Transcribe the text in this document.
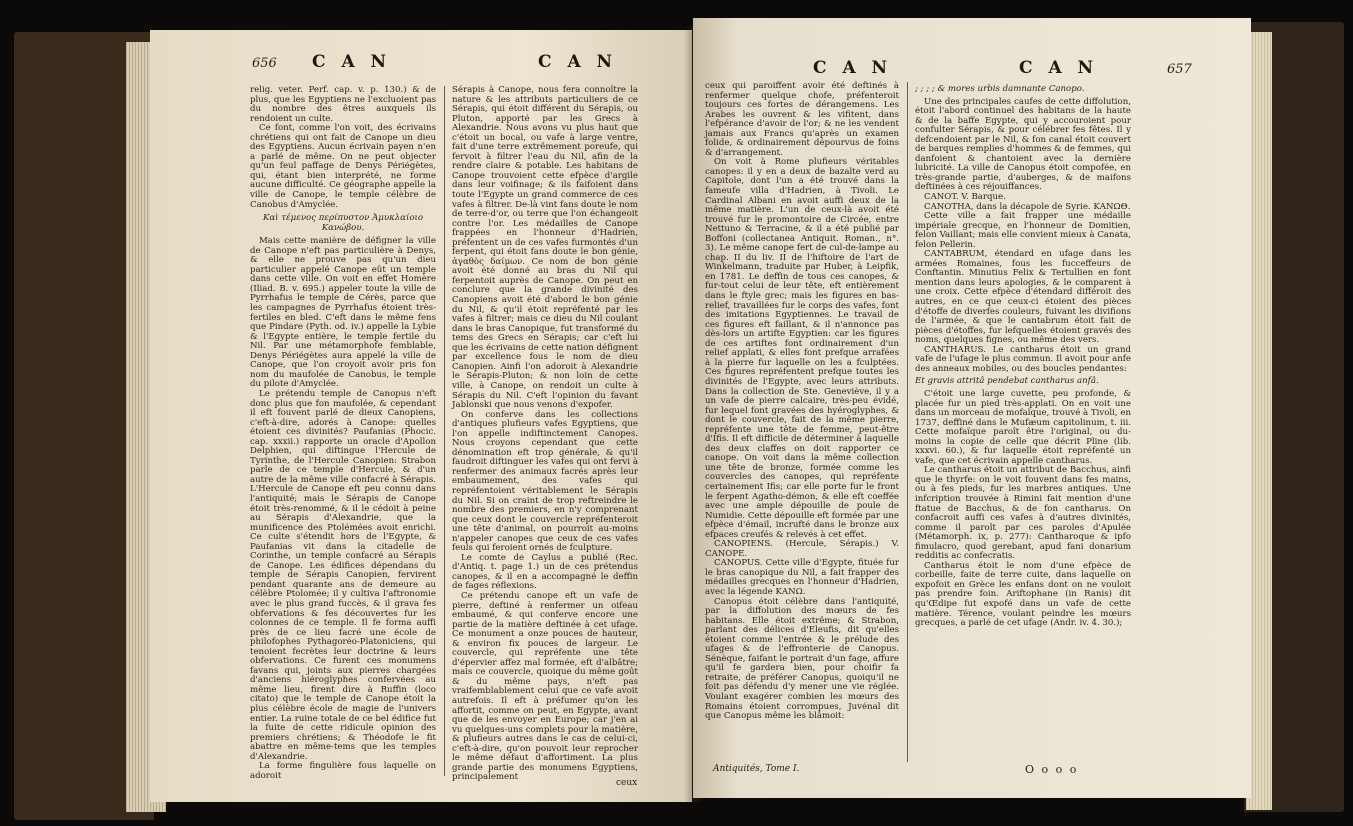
656 C A N	C A N

relig. veter. Perf. cap. v. p. 130.) & de plus, que les Egyptiens ne l'excluoient pas du nombre des êtres auxquels ils rendoient un culte.

Ce font, comme l'on voit, des écrivains chrétiens qui ont fait de Canope un dieu des Egyptiens. Aucun écrivain payen n'en a parlé de même. On ne peut objecter qu'un feul paffage de Denys Périégètes, qui, étant bien interprété, ne forme aucune difficulté. Ce géographe appelle la ville de Canope, le temple célèbre de Canobus d'Amyclée.

Καὶ τέμενος περίπυστον Ἀμυκλαίοιο Κανώβου.

Mais cette manière de défigner la ville de Canope n'eft pas particulière à Denys, & elle ne prouve pas qu'un dieu particulier appelé Canope eût un temple dans cette ville. On voit en effet Homère (Iliad. B. v. 695.) appeler toute la ville de Pyrrhafus le temple de Cérès, parce que les campagnes de Pyrrhafus étoient très-fertiles en bled. C'eft dans le même fens que Pindare (Pyth. od. iv.) appelle la Lybie & l'Egypte entière, le temple fertile du Nil. Par une métamorphofe femblable, Denys Périégètes aura appelé la ville de Canope, que l'on croyoit avoir pris fon nom du maufolée de Canobus, le temple du pilote d'Amyclée.

Le prétendu temple de Canopus n'eft donc plus que fon maufolée, & cependant il eft fouvent parlé de dieux Canopiens, c'eft-à-dire, adorés à Canope: quelles étoient ces divinités? Paufanias (Phocic. cap. xxxii.) rapporte un oracle d'Apollon Delphien, qui diftingue l'Hercule de Tyrinthe, de l'Hercule Canopien: Strabon parle de ce temple d'Hercule, & d'un autre de la même ville confacré à Sérapis. L'Hercule de Canope eft peu connu dans l'antiquité; mais le Sérapis de Canope étoit très-renommé, & il le cédoit à peine au Sérapis d'Alexandrie, que la munificence des Ptolémées avoit enrichi. Ce culte s'étendit hors de l'Egypte, & Paufanias vit dans la citadelle de Corinthe, un temple confacré au Sérapis de Canope. Les édifices dépendans du temple de Sérapis Canopien, fervirent pendant quarante ans de demeure au célèbre Ptolomée; il y cultiva l'aftronomie avec le plus grand fuccès, & il grava fes obfervations & fes découvertes fur les colonnes de ce temple. Il fe forma auffi près de ce lieu facré une école de philofophes Pythagoréo-Platoniciens, qui tenoient fecrètes leur doctrine & leurs obfervations. Ce furent ces monumens favans qui, joints aux pierres chargées d'anciens hiéroglyphes confervées au même lieu, firent dire à Ruffin (loco citato) que le temple de Canope étoit la plus célèbre école de magie de l'univers entier. La ruine totale de ce bel édifice fut la fuite de cette ridicule opinion des premiers chrétiens; & Théodofe le fit abattre en même-tems que les temples d'Alexandrie.

La forme fingulière fous laquelle on adoroit

Sérapis à Canope, nous fera connoître la nature & les attributs particuliers de ce Sérapis, qui étoit différent du Sérapis, ou Pluton, apporté par les Grecs à Alexandrie. Nous avons vu plus haut que c'étoit un bocal, ou vafe à large ventre, fait d'une terre extrêmement poreufe, qui fervoit à filtrer l'eau du Nil, afin de la rendre claire & potable. Les habitans de Canope trouvoient cette efpèce d'argile dans leur voifinage; & ils faifoient dans toute l'Egypte un grand commerce de ces vafes à filtrer. De-là vint fans doute le nom de terre-d'or, ou terre que l'on échangeoit contre l'or. Les médailles de Canope frappées en l'honneur d'Hadrien, préfentent un de ces vafes furmontés d'un ferpent, qui étoit fans doute le bon génie, ἀγαθὸς δαίμων. Ce nom de bon génie avoit été donné au bras du Nil qui ferpentoit auprès de Canope. On peut en conclure que la grande divinité des Canopiens avoit été d'abord le bon génie du Nil, & qu'il étoit repréfenté par les vafes à filtrer; mais ce dieu du Nil coulant dans le bras Canopique, fut transformé du tems des Grecs en Sérapis; car c'eft lui que les écrivains de cette nation défignent par excellence fous le nom de dieu Canopien. Ainfi l'on adoroit à Alexandrie le Sérapis-Pluton; & non loin de cette ville, à Canope, on rendoit un culte à Sérapis du Nil. C'eft l'opinion du favant Jablonski que nous venons d'expofer.

On conferve dans les collections d'antiques plufieurs vafes Egyptiens, que l'on appelle indiftinctement Canopes. Nous croyons cependant que cette dénomination eft trop générale, & qu'il faudroit diftinguer les vafes qui ont fervi à renfermer des animaux facrés après leur embaumement, des vafes qui repréfentoient véritablement le Sérapis du Nil. Si on craint de trop reftreindre le nombre des premiers, en n'y comprenant que ceux dont le couvercle repréfenteroit une tête d'animal, on pourroit au-moins n'appeler canopes que ceux de ces vafes feuls qui feroient ornés de fculpture.

Le comte de Caylus a publié (Rec. d'Antiq. t. page 1.) un de ces prétendus canopes, & il en a accompagné le deffin de fages réflexions.

Ce prétendu canope eft un vafe de pierre, deftiné à renfermer un oifeau embaumé, & qui conferve encore une partie de la matière deftinée à cet ufage. Ce monument a onze pouces de hauteur, & environ fix pouces de largeur. Le couvercle, qui repréfente une tête d'épervier affez mal formée, eft d'albâtre; mais ce couvercle, quoique du même goût & du même pays, n'eft pas vraifemblablement celui que ce vafe avoit autrefois. Il eft à préfumer qu'on les affortit, comme on peut, en Egypte, avant que de les envoyer en Europe; car j'en ai vu quelques-uns complets pour la matière, & plufieurs autres dans le cas de celui-ci, c'eft-à-dire, qu'on pouvoit leur reprocher le même défaut d'affortiment. La plus grande partie des monumens Egyptiens, principalement

ceux
C A N	C A N	657

ceux qui paroiffent avoir été deftinés à renfermer quelque chofe, préfenteroit toujours ces fortes de dérangemens. Les Arabes les ouvrent & les vifitent, dans l'efpérance d'avoir de l'or; & ne les vendent jamais aux Francs qu'après un examen folide, & ordinairement dépourvus de foins & d'arrangement.

On voit à Rome plufieurs véritables canopes: il y en a deux de bazalte verd au Capitole, dont l'un a été trouvé dans la fameufe villa d'Hadrien, à Tivoli. Le Cardinal Albani en avoit auffi deux de la même matière. L'un de ceux-là avoit été trouvé fur le promontoire de Circée, entre Nettuno & Terracine, & il a été publié par Boffoni (collectanea Antiquit. Roman., n°. 3). Le même canope fert de cul-de-lampe au chap. II du liv. II de l'hiftoire de l'art de Winkelmann, traduite par Huber, à Leipfik, en 1781. Le deffin de tous ces canopes, & fur-tout celui de leur tête, eft entièrement dans le ftyle grec; mais les figures en bas-relief, travaillées fur le corps des vafes, font des imitations Egyptiennes. Le travail de ces figures eft faillant, & il n'annonce pas dès-lors un artifte Egyptien: car les figures de ces artiftes font ordinairement d'un relief applati, & elles font prefque arrafées à la pierre fur laquelle on les a fculptées. Ces figures repréfentent prefque toutes les divinités de l'Egypte, avec leurs attributs. Dans la collection de Ste. Geneviève, il y a un vafe de pierre calcaire, très-peu évidé, fur lequel font gravées des hyéroglyphes, & dont le couvercle, fait de la même pierre, repréfente une tête de femme, peut-être d'Ifis. Il eft difficile de déterminer à laquelle des deux claffes on doit rapporter ce canope. On voit dans la même collection une tête de bronze, formée comme les couvercles des canopes, qui repréfente certainement Ifis; car elle porte fur le front le ferpent Agatho-démon, & elle eft coeffée avec une ample dépouille de poule de Numidie. Cette dépouille eft formée par une efpèce d'émail, incrufté dans le bronze aux efpaces creufés & relevés à cet effet.

CANOPIENS. (Hercule, Sérapis.) V. CANOPE.

CANOPUS. Cette ville d'Egypte, fituée fur le bras canopique du Nil, a fait frapper des médailles grecques en l'honneur d'Hadrien, avec la légende ΚΑΝΩ.

Canopus étoit célèbre dans l'antiquité, par la diffolution des mœurs de fes habitans. Elle étoit extrême; & Strabon, parlant des délices d'Eleufis, dit qu'elles étoient comme l'entrée & le prélude des ufages & de l'effronterie de Canopus. Sénèque, faifant le portrait d'un fage, affure qu'il fe gardera bien, pour choifir fa retraite, de préférer Canopus, quoiqu'il ne foit pas défendu d'y mener une vie réglée. Voulant exagérer combien les mœurs des Romains étoient corrompues, Juvénal dit que Canopus même les blâmoit:

; ; ; ; & mores urbis damnante Canopo.

Une des principales caufes de cette diffolution, étoit l'abord continuel des habitans de la haute & de la baffe Egypte, qui y accouroient pour confulter Sérapis, & pour célébrer fes fêtes. Il y defcendoient par le Nil, & fon canal étoit couvert de barques remplies d'hommes & de femmes, qui danfoient & chantoient avec la dernière lubricité. La ville de Canopus étoit compofée, en très-grande partie, d'auberges, & de maifons deftinées à ces réjouiffances.

CANOT. V. Barque.

CANOTHA, dans la décapole de Syrie. ΚΑΝΩΘ.

Cette ville a fait frapper une médaille impériale grecque, en l'honneur de Domitien, felon Vaillant; mais elle convient mieux à Canata, felon Pellerin.

CANTABRUM, étendard en ufage dans les armées Romaines, fous les fucceffeurs de Conftantin. Minutius Felix & Tertullien en font mention dans leurs apologies, & le comparent à une croix. Cette efpèce d'étendard différoit des autres, en ce que ceux-ci étoient des pièces d'étoffe de diverfes couleurs, fuivant les divifions de l'armée, & que le cantabrum étoit fait de pièces d'étoffes, fur lefquelles étoient gravés des noms, quelques fignes, ou même des vers.

CANTHARUS. Le cantharus étoit un grand vafe de l'ufage le plus commun. Il avoit pour anfe des anneaux mobiles, ou des boucles pendantes:

Et gravis attritâ pendebat cantharus anfâ.

C'étoit une large cuvette, peu profonde, & placée fur un pied très-applati. On en voit une dans un morceau de mofaïque, trouvé à Tivoli, en 1737, deffiné dans le Mufæum capitolinum, t. iii. Cette mofaïque paroît être l'original, ou du-moins la copie de celle que décrit Pline (lib. xxxvi. 60.), & fur laquelle étoit repréfenté un vafe, que cet écrivain appelle cantharus.

Le cantharus étoit un attribut de Bacchus, ainfi que le thyrfe: on le voit fouvent dans fes mains, ou à fes pieds, fur les marbres antiques. Une infcription trouvée à Rimini fait mention d'une ftatue de Bacchus, & de fon cantharus. On confacroit auffi ces vafes à d'autres divinités, comme il paroît par ces paroles d'Apulée (Métamorph. ix, p. 277): Cantharoque & ipfo fimulacro, quod gerebant, apud fani donarium redditis ac confecratis.

Cantharus étoit le nom d'une efpèce de corbeille, faite de terre cuite, dans laquelle on expofoit en Grèce les enfans dont on ne vouloit pas prendre foin. Ariftophane (in Ranis) dit qu'Œdipe fut expofé dans un vafe de cette matière. Térence, voulant peindre les mœurs grecques, a parlé de cet ufage (Andr. iv. 4. 30.);

Antiquités, Tome I.	O o o o
